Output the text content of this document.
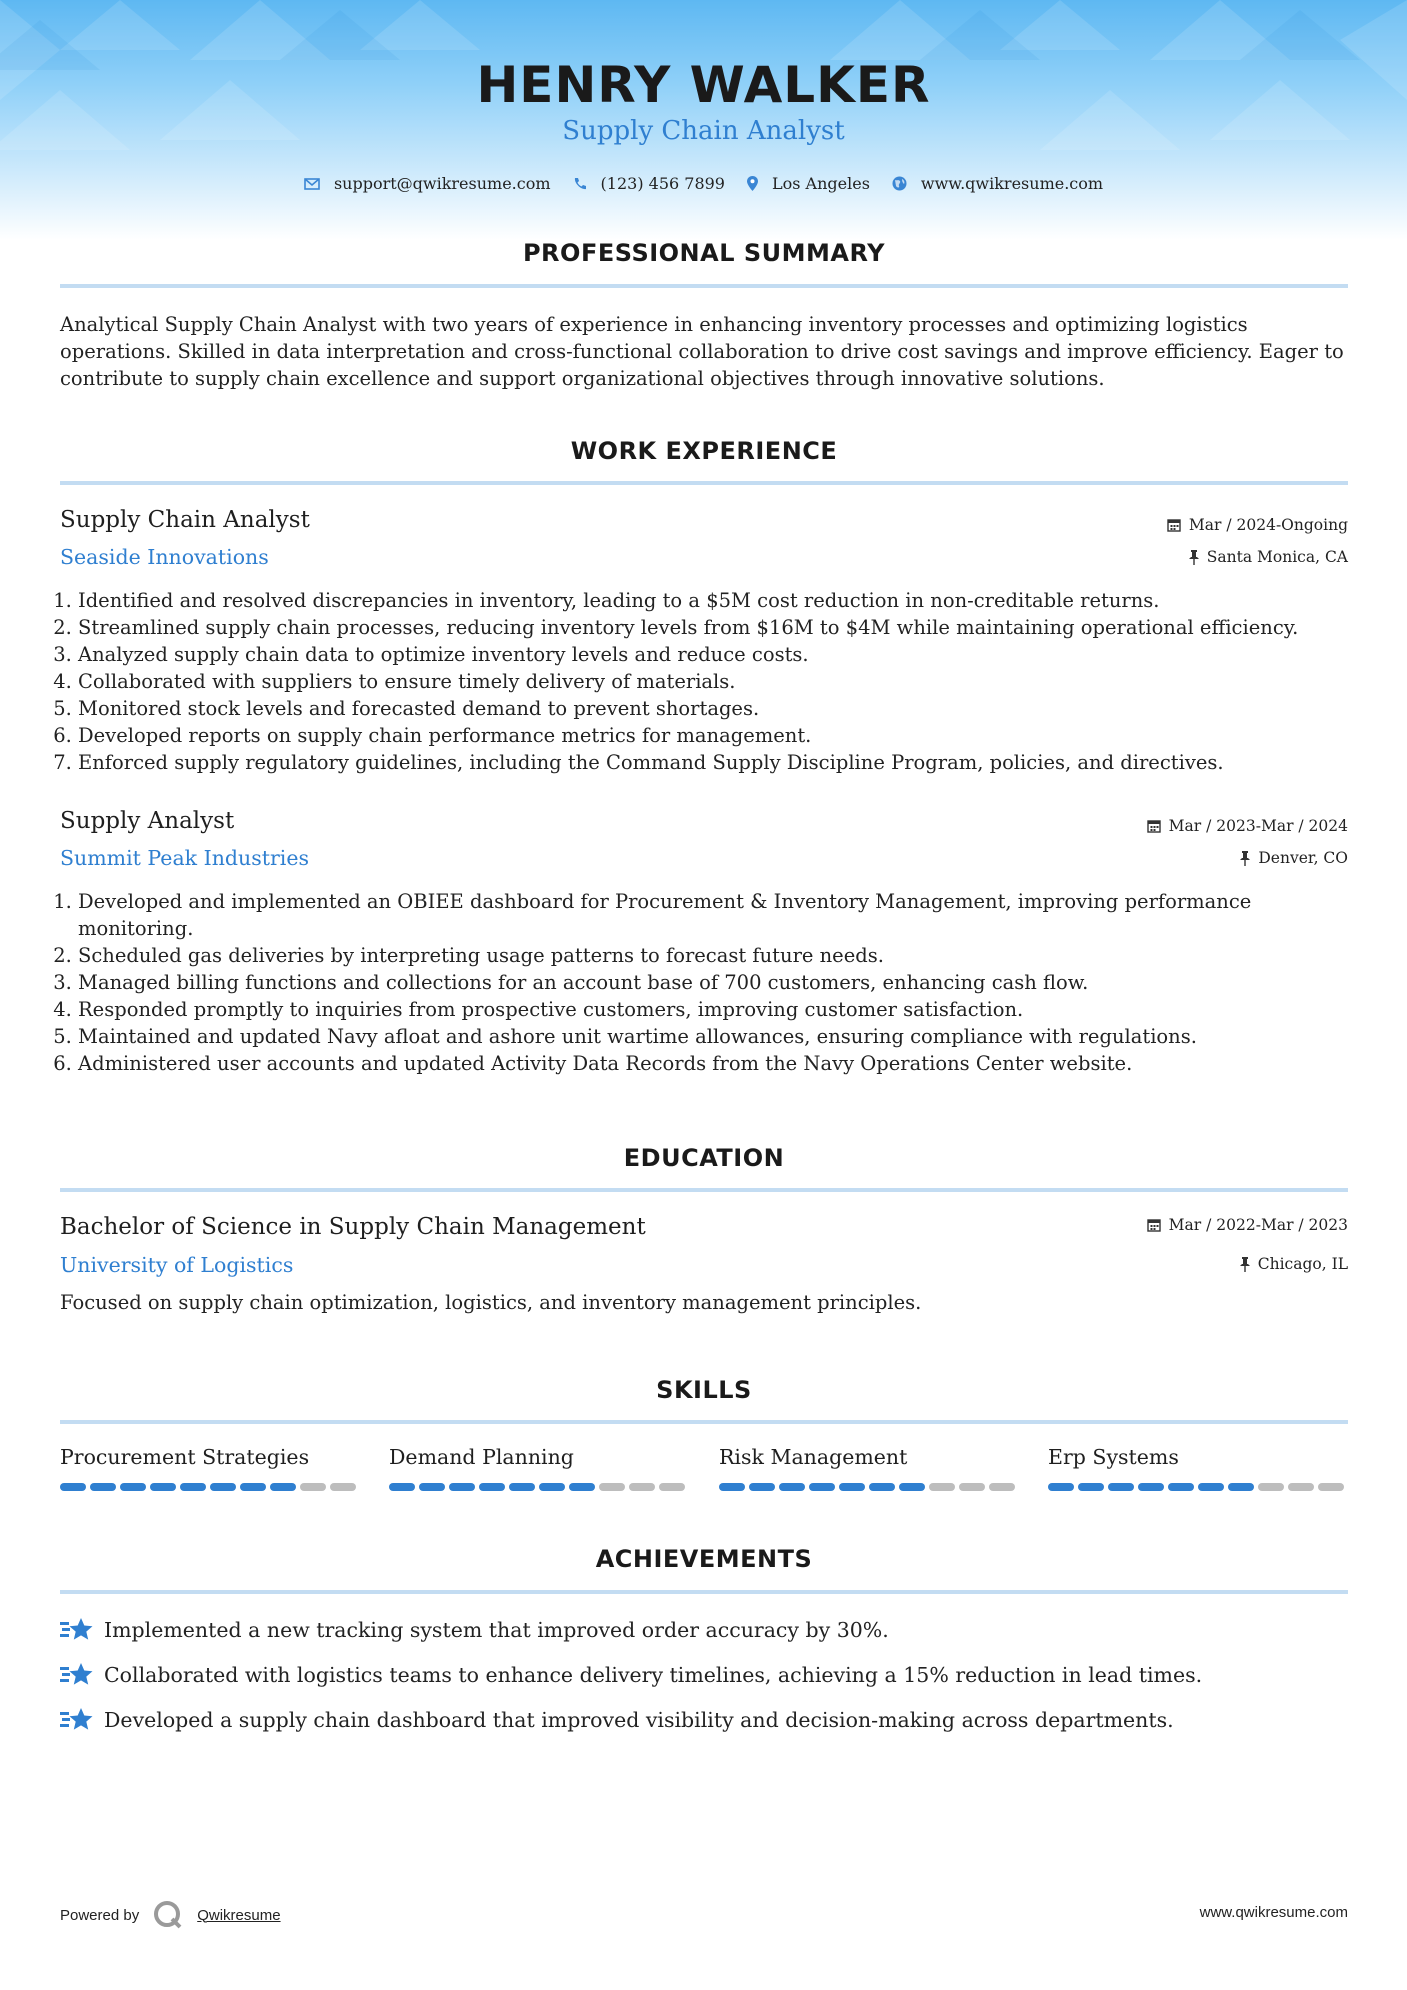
HENRY WALKER
Supply Chain Analyst
support@qwikresume.com	(123) 456 7899	Los Angeles	www.qwikresume.com
PROFESSIONAL SUMMARY
Analytical Supply Chain Analyst with two years of experience in enhancing inventory processes and optimizing logistics operations. Skilled in data interpretation and cross-functional collaboration to drive cost savings and improve efficiency. Eager to contribute to supply chain excellence and support organizational objectives through innovative solutions.
WORK EXPERIENCE
Supply Chain Analyst	Mar / 2024-Ongoing
Seaside Innovations	Santa Monica, CA
1. Identified and resolved discrepancies in inventory, leading to a $5M cost reduction in non-creditable returns.
2. Streamlined supply chain processes, reducing inventory levels from $16M to $4M while maintaining operational efficiency.
3. Analyzed supply chain data to optimize inventory levels and reduce costs.
4. Collaborated with suppliers to ensure timely delivery of materials.
5. Monitored stock levels and forecasted demand to prevent shortages.
6. Developed reports on supply chain performance metrics for management.
7. Enforced supply regulatory guidelines, including the Command Supply Discipline Program, policies, and directives.
Supply Analyst	Mar / 2023-Mar / 2024
Summit Peak Industries	Denver, CO
1. Developed and implemented an OBIEE dashboard for Procurement & Inventory Management, improving performance monitoring.
2. Scheduled gas deliveries by interpreting usage patterns to forecast future needs.
3. Managed billing functions and collections for an account base of 700 customers, enhancing cash flow.
4. Responded promptly to inquiries from prospective customers, improving customer satisfaction.
5. Maintained and updated Navy afloat and ashore unit wartime allowances, ensuring compliance with regulations.
6. Administered user accounts and updated Activity Data Records from the Navy Operations Center website.
EDUCATION
Bachelor of Science in Supply Chain Management	Mar / 2022-Mar / 2023
University of Logistics	Chicago, IL
Focused on supply chain optimization, logistics, and inventory management principles.
SKILLS
Procurement Strategies	Demand Planning	Risk Management	Erp Systems
ACHIEVEMENTS
Implemented a new tracking system that improved order accuracy by 30%.
Collaborated with logistics teams to enhance delivery timelines, achieving a 15% reduction in lead times.
Developed a supply chain dashboard that improved visibility and decision-making across departments.
Powered by	Qwikresume	www.qwikresume.com
